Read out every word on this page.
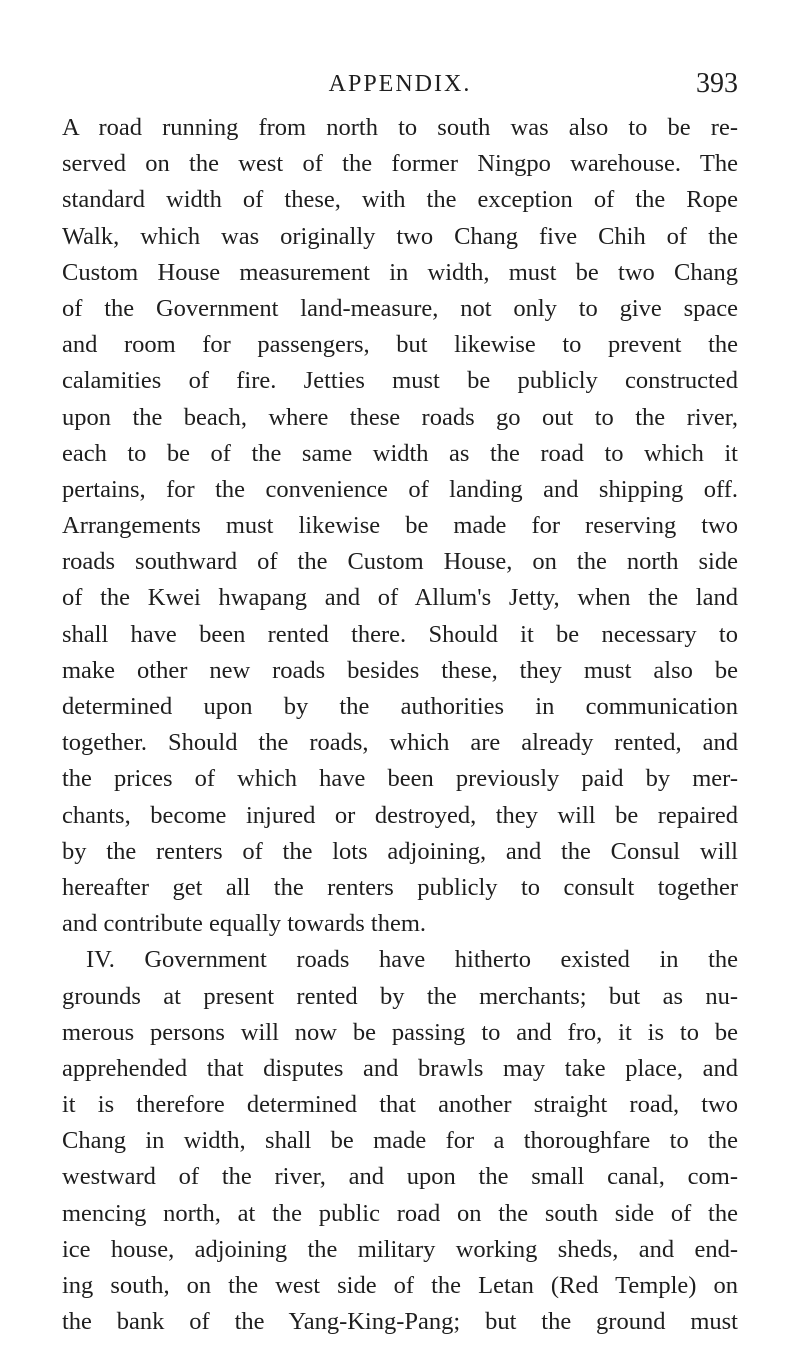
APPENDIX.	393
A road running from north to south was also to be re-
served on the west of the former Ningpo warehouse. The
standard width of these, with the exception of the Rope
Walk, which was originally two Chang five Chih of the
Custom House measurement in width, must be two Chang
of the Government land-measure, not only to give space
and room for passengers, but likewise to prevent the
calamities of fire. Jetties must be publicly constructed
upon the beach, where these roads go out to the river,
each to be of the same width as the road to which it
pertains, for the convenience of landing and shipping off.
Arrangements must likewise be made for reserving two
roads southward of the Custom House, on the north side
of the Kwei hwapang and of Allum's Jetty, when the land
shall have been rented there. Should it be necessary to
make other new roads besides these, they must also be
determined upon by the authorities in communication
together. Should the roads, which are already rented, and
the prices of which have been previously paid by mer-
chants, become injured or destroyed, they will be repaired
by the renters of the lots adjoining, and the Consul will
hereafter get all the renters publicly to consult together
and contribute equally towards them.
IV. Government roads have hitherto existed in the
grounds at present rented by the merchants; but as nu-
merous persons will now be passing to and fro, it is to be
apprehended that disputes and brawls may take place, and
it is therefore determined that another straight road, two
Chang in width, shall be made for a thoroughfare to the
westward of the river, and upon the small canal, com-
mencing north, at the public road on the south side of the
ice house, adjoining the military working sheds, and end-
ing south, on the west side of the Letan (Red Temple) on
the bank of the Yang-King-Pang; but the ground must
